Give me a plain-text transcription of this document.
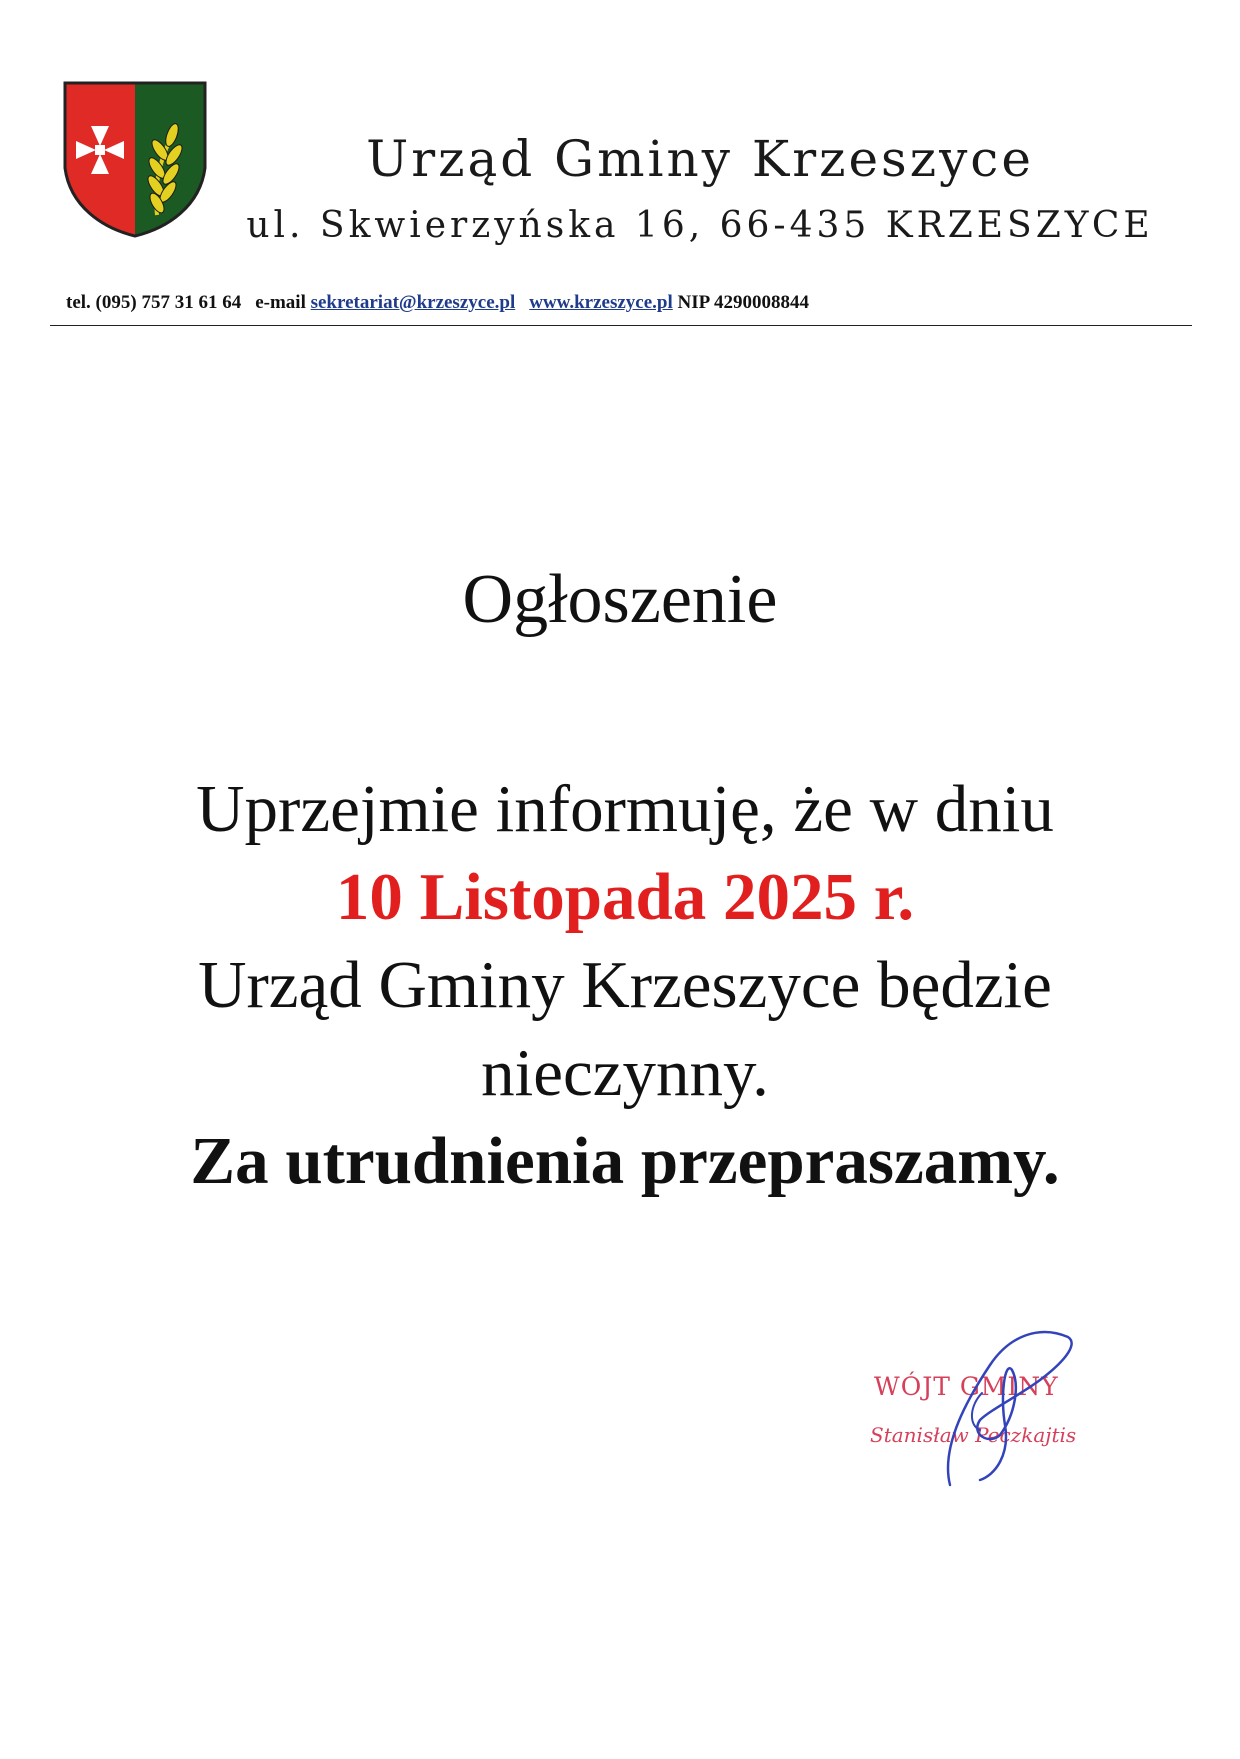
Urząd Gminy Krzeszyce
ul. Skwierzyńska 16, 66-435 KRZESZYCE
tel. (095) 757 31 61 64 e-mail sekretariat@krzeszyce.pl www.krzeszyce.pl NIP 4290008844
Ogłoszenie
Uprzejmie informuję, że w dniu
10 Listopada 2025 r.
Urząd Gminy Krzeszyce będzie
nieczynny.
Za utrudnienia przepraszamy.
WÓJT GMINY
Stanisław Peczkajtis
